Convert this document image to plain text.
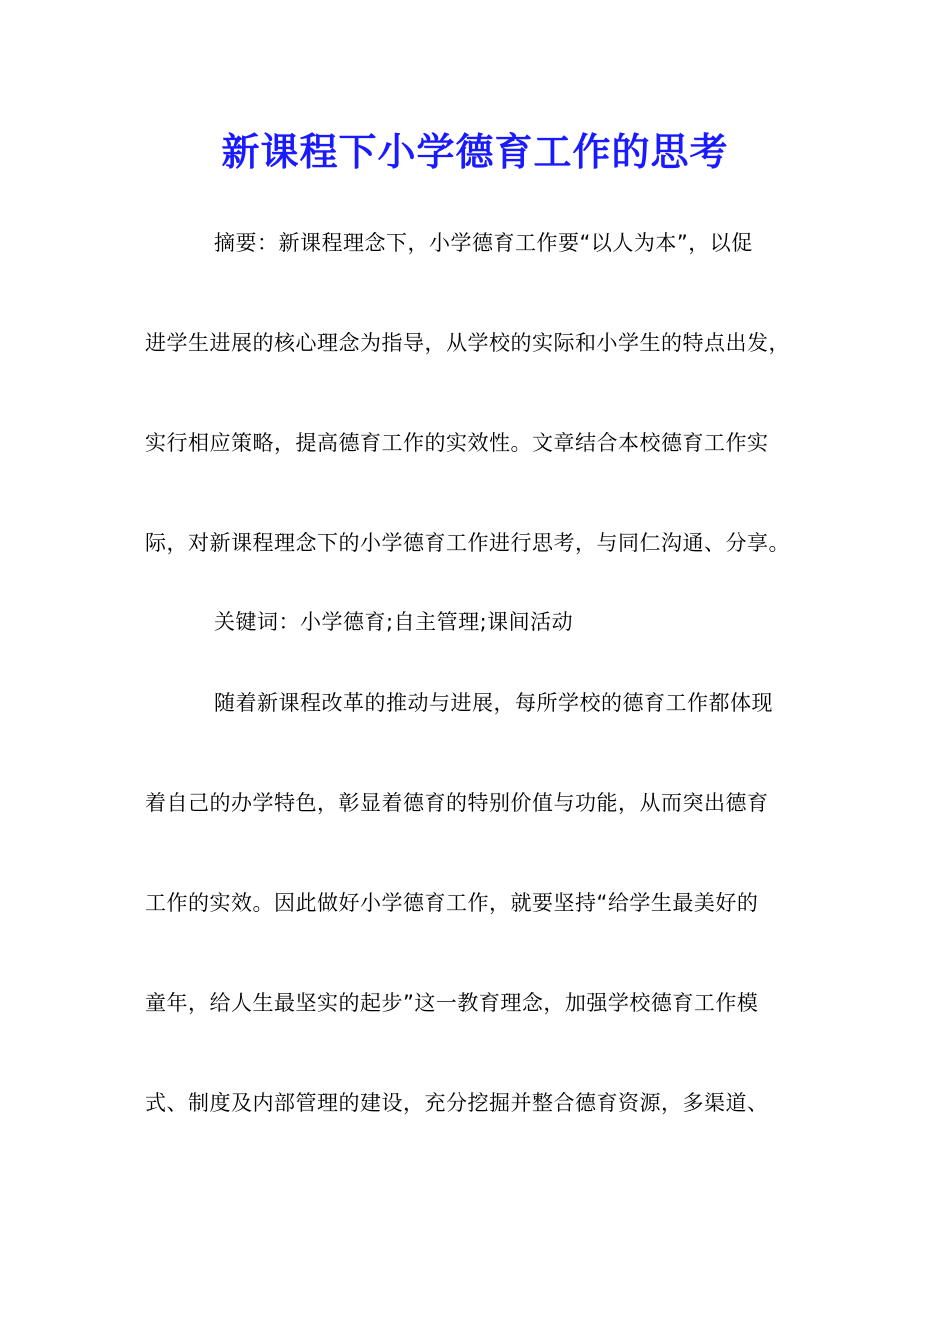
新课程下小学德育工作的思考
摘要：新课程理念下，小学德育工作要“以人为本”，以促
进学生进展的核心理念为指导，从学校的实际和小学生的特点出发，
实行相应策略，提高德育工作的实效性。文章结合本校德育工作实
际，对新课程理念下的小学德育工作进行思考，与同仁沟通、分享。
关键词：小学德育;自主管理;课间活动
随着新课程改革的推动与进展，每所学校的德育工作都体现
着自己的办学特色，彰显着德育的特别价值与功能，从而突出德育
工作的实效。因此做好小学德育工作，就要坚持“给学生最美好的
童年，给人生最坚实的起步”这一教育理念，加强学校德育工作模
式、制度及内部管理的建设，充分挖掘并整合德育资源，多渠道、
